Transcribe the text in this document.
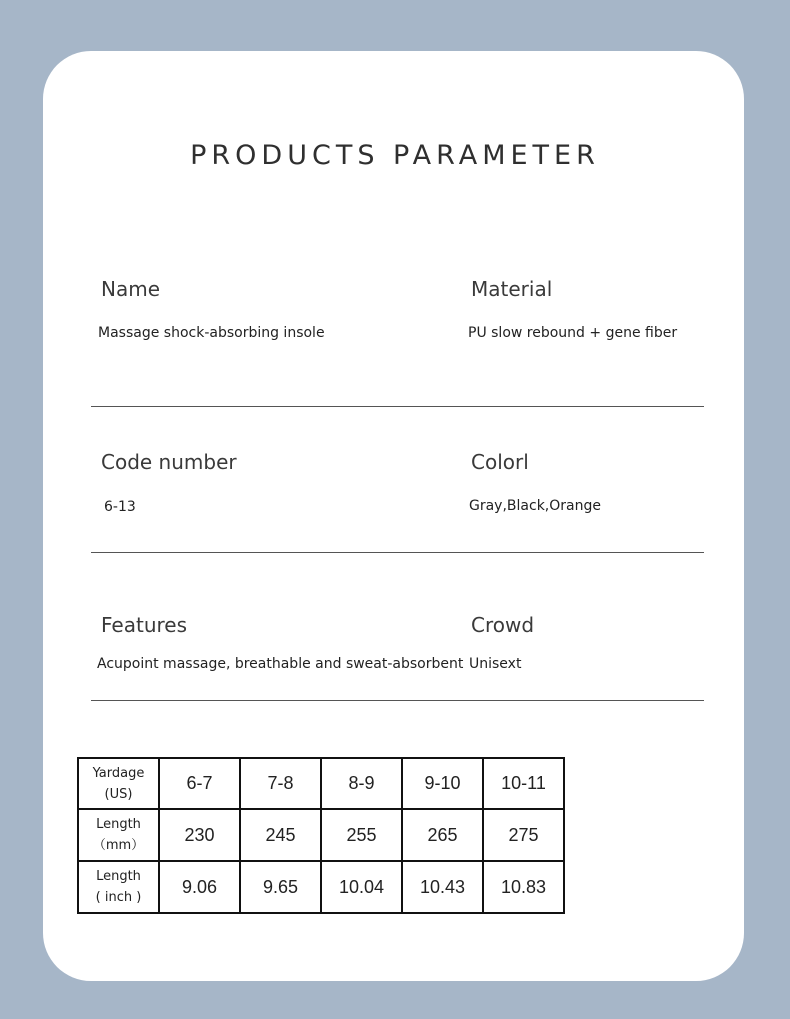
PRODUCTS PARAMETER
Name
Massage shock-absorbing insole
Material
PU slow rebound + gene fiber
Code number
6-13
Colorl
Gray,Black,Orange
Features
Acupoint massage, breathable and sweat-absorbent
Crowd
Unisext
Yardage
(US)	6-7	7-8	8-9	9-10	10-11

Length
（mm）	230	245	255	265	275

Length
( inch )	9.06	9.65	10.04	10.43	10.83
